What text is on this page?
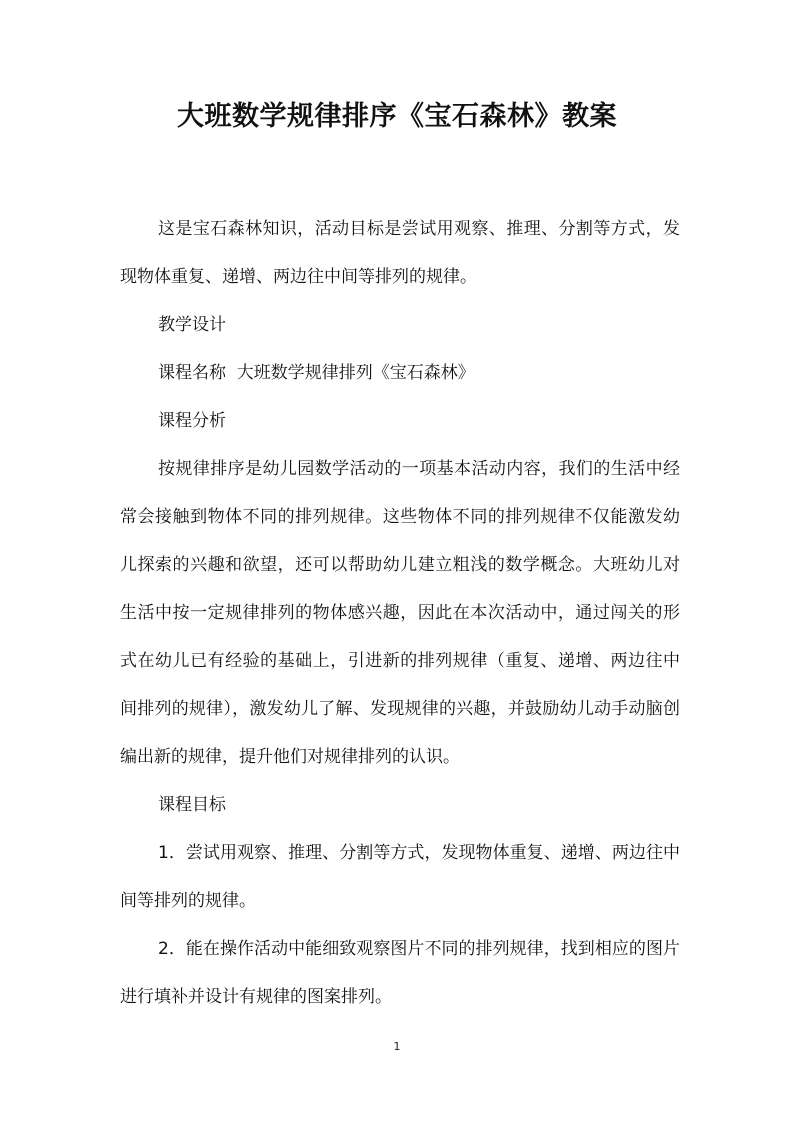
大班数学规律排序《宝石森林》教案

这是宝石森林知识，活动目标是尝试用观察、推理、分割等方式，发现物体重复、递增、两边往中间等排列的规律。

教学设计

课程名称  大班数学规律排列《宝石森林》

课程分析

按规律排序是幼儿园数学活动的一项基本活动内容，我们的生活中经常会接触到物体不同的排列规律。这些物体不同的排列规律不仅能激发幼儿探索的兴趣和欲望，还可以帮助幼儿建立粗浅的数学概念。大班幼儿对生活中按一定规律排列的物体感兴趣，因此在本次活动中，通过闯关的形式在幼儿已有经验的基础上，引进新的排列规律（重复、递增、两边往中间排列的规律），激发幼儿了解、发现规律的兴趣，并鼓励幼儿动手动脑创编出新的规律，提升他们对规律排列的认识。

课程目标

1．尝试用观察、推理、分割等方式，发现物体重复、递增、两边往中间等排列的规律。

2．能在操作活动中能细致观察图片不同的排列规律，找到相应的图片进行填补并设计有规律的图案排列。

1
